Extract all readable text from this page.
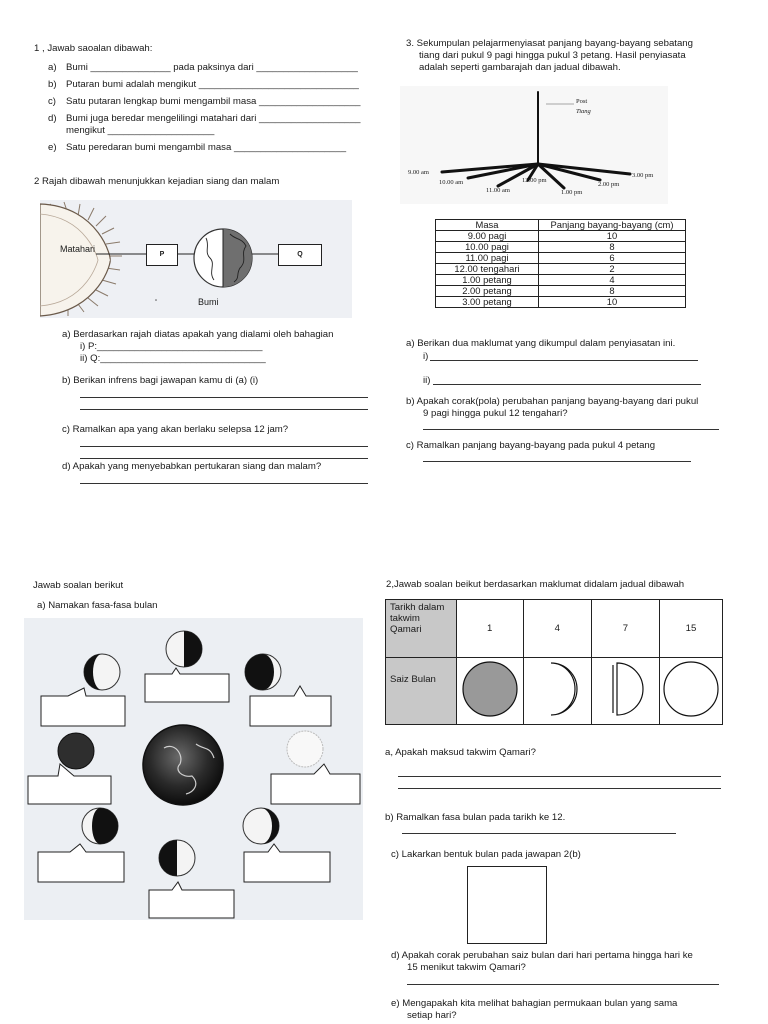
1 , Jawab saoalan dibawah:
a) Bumi _______________ pada paksinya dari ___________________
b) Putaran bumi adalah mengikut ______________________________
c) Satu putaran lengkap bumi mengambil masa ___________________
d) Bumi juga beredar mengelilingi matahari dari ___________________
mengikut ____________________
e) Satu peredaran bumi mengambil masa _____________________
2 Rajah dibawah menunjukkan kejadian siang dan malam
Matahari
Bumi
P	Q
a) Berdasarkan rajah diatas apakah yang dialami oleh bahagian
i) P:_______________________________
ii) Q:_______________________________
b) Berikan infrens bagi jawapan kamu di (a) (i)
c) Ramalkan apa yang akan berlaku selepsa 12 jam?
d) Apakah yang menyebabkan pertukaran siang dan malam?
3. Sekumpulan pelajarmenyiasat panjang bayang-bayang sebatang
tiang dari pukul 9 pagi hingga pukul 3 petang. Hasil penyiasata
adalah seperti gambarajah dan jadual dibawah.
Post
Tiang
9.00 am
10.00 am
11.00 am
12.00 pm
1.00 pm
2.00 pm
3.00 pm
Masa	Panjang bayang-bayang (cm)
9.00 pagi	10
10.00 pagi	8
11.00 pagi	6
12.00 tengahari	2
1.00 petang	4
2.00 petang	8
3.00 petang	10
a) Berikan dua maklumat yang dikumpul dalam penyiasatan ini.
i)
ii)
b) Apakah corak(pola) perubahan panjang bayang-bayang dari pukul
9 pagi hingga pukul 12 tengahari?
c) Ramalkan panjang bayang-bayang pada pukul 4 petang
Jawab soalan berikut
a) Namakan fasa-fasa bulan
2,Jawab soalan beikut berdasarkan maklumat didalam jadual dibawah
Tarikh dalam takwim Qamari	1	4	7	15
Saiz Bulan				
a, Apakah maksud takwim Qamari?
b) Ramalkan fasa bulan pada tarikh ke 12.
c) Lakarkan bentuk bulan pada jawapan 2(b)
d) Apakah corak perubahan saiz bulan dari hari pertama hingga hari ke
15 menikut takwim Qamari?
e) Mengapakah kita melihat bahagian permukaan bulan yang sama
setiap hari?
